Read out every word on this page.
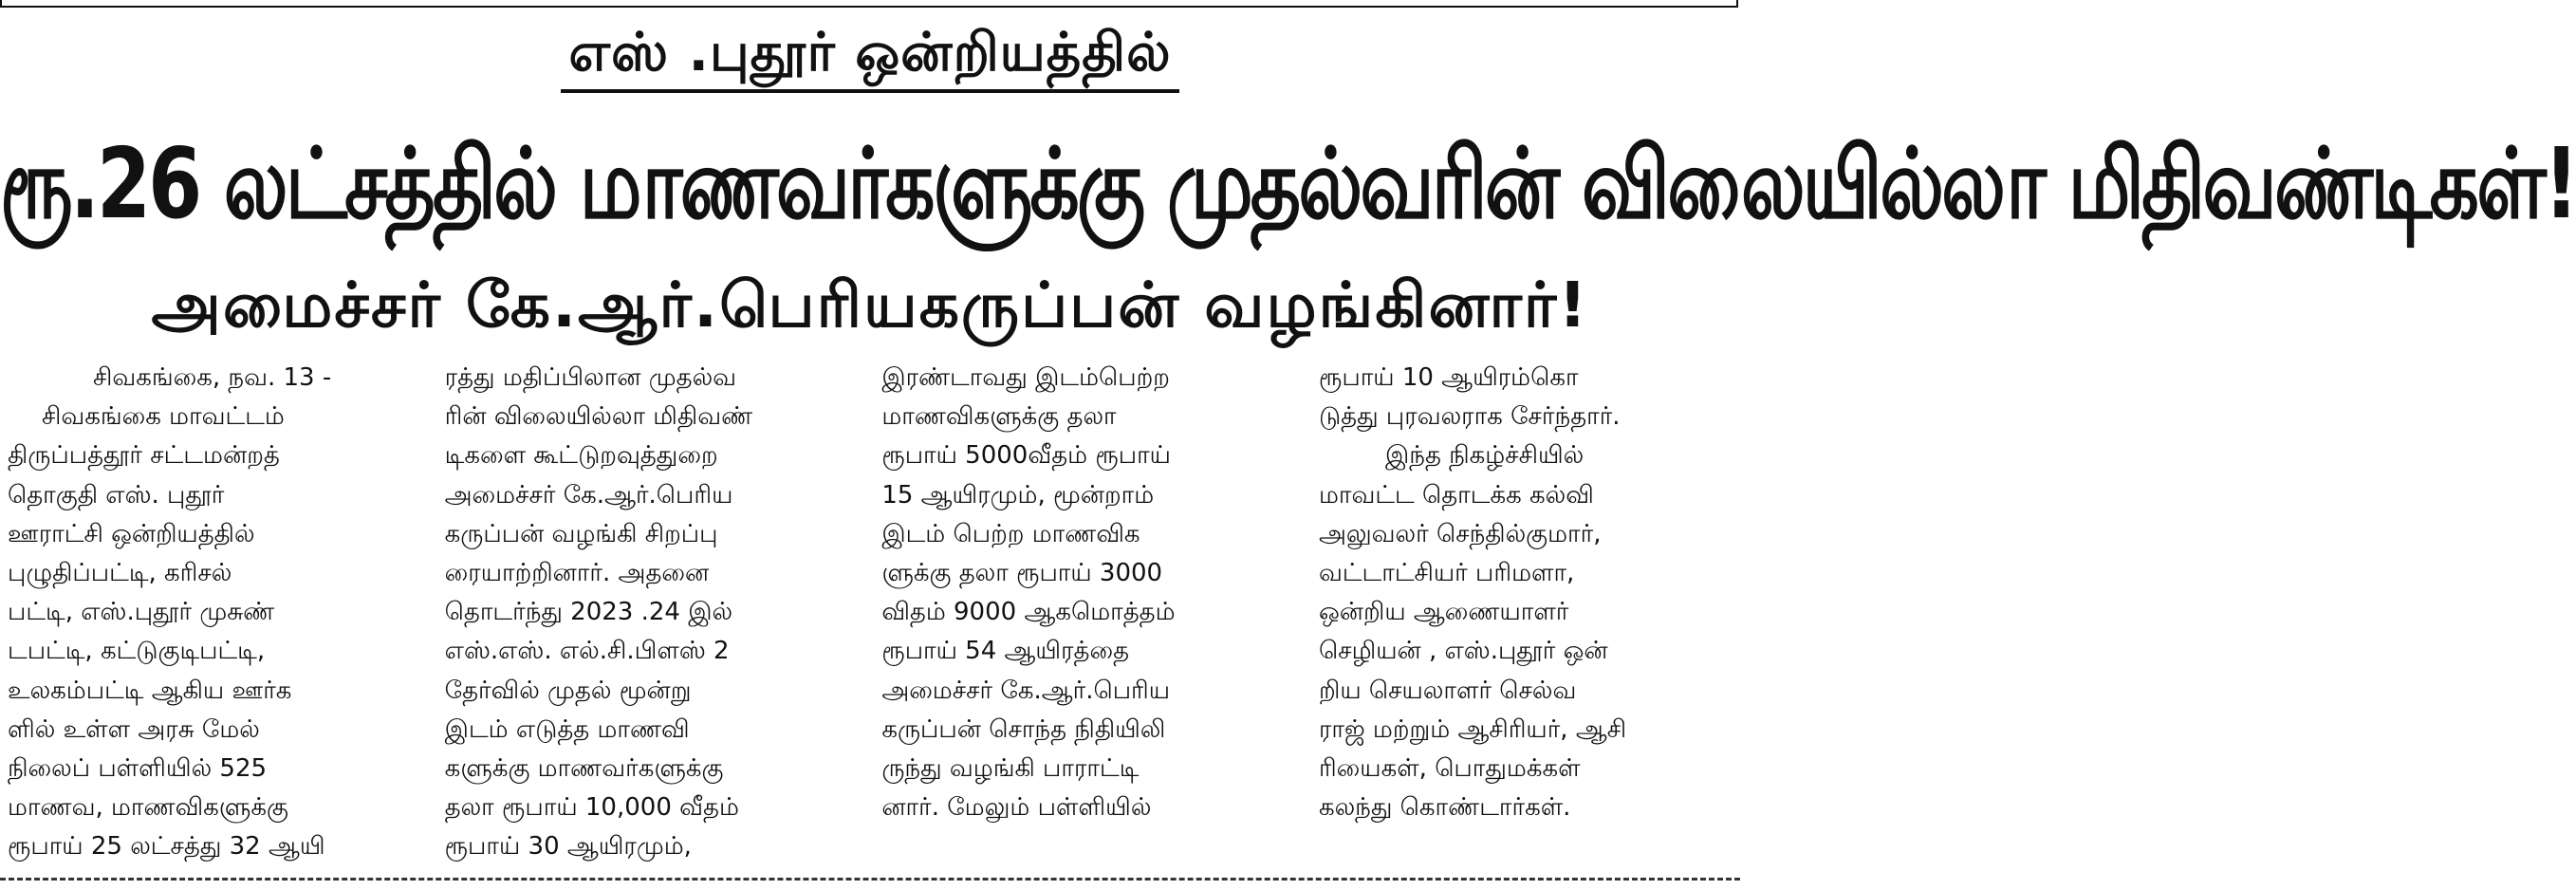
எஸ் .புதூர் ஒன்றியத்தில்
ரூ.26 லட்சத்தில் மாணவர்களுக்கு முதல்வரின் விலையில்லா மிதிவண்டிகள்!
அமைச்சர் கே.ஆர்.பெரியகருப்பன் வழங்கினார்!
சிவகங்கை, நவ. 13 -
சிவகங்கை மாவட்டம்
திருப்பத்தூர் சட்டமன்றத்
தொகுதி எஸ். புதூர்
ஊராட்சி ஒன்றியத்தில்
புழுதிப்பட்டி, கரிசல்
பட்டி, எஸ்.புதூர் முசுண்
டபட்டி, கட்டுகுடிபட்டி,
உலகம்பட்டி ஆகிய ஊர்க
ளில் உள்ள அரசு மேல்
நிலைப் பள்ளியில் 525
மாணவ, மாணவிகளுக்கு
ரூபாய் 25 லட்சத்து 32 ஆயி
ரத்து மதிப்பிலான முதல்வ
ரின் விலையில்லா மிதிவண்
டிகளை கூட்டுறவுத்துறை
அமைச்சர் கே.ஆர்.பெரிய
கருப்பன் வழங்கி சிறப்பு
ரையாற்றினார். அதனை
தொடர்ந்து 2023 .24 இல்
எஸ்.எஸ். எல்.சி.பிளஸ் 2
தேர்வில் முதல் மூன்று
இடம் எடுத்த மாணவி
களுக்கு மாணவர்களுக்கு
தலா ரூபாய் 10,000 வீதம்
ரூபாய் 30 ஆயிரமும்,
இரண்டாவது இடம்பெற்ற
மாணவிகளுக்கு தலா
ரூபாய் 5000வீதம் ரூபாய்
15 ஆயிரமும், மூன்றாம்
இடம் பெற்ற மாணவிக
ளுக்கு தலா ரூபாய் 3000
விதம் 9000 ஆகமொத்தம்
ரூபாய் 54 ஆயிரத்தை
அமைச்சர் கே.ஆர்.பெரிய
கருப்பன் சொந்த நிதியிலி
ருந்து வழங்கி பாராட்டி
னார். மேலும் பள்ளியில்
ரூபாய் 10 ஆயிரம்கொ
டுத்து புரவலராக சேர்ந்தார்.
இந்த நிகழ்ச்சியில்
மாவட்ட தொடக்க கல்வி
அலுவலர் செந்தில்குமார்,
வட்டாட்சியர் பரிமளா,
ஒன்றிய ஆணையாளர்
செழியன் , எஸ்.புதூர் ஒன்
றிய செயலாளர் செல்வ
ராஜ் மற்றும் ஆசிரியர், ஆசி
ரியைகள், பொதுமக்கள்
கலந்து கொண்டார்கள்.
